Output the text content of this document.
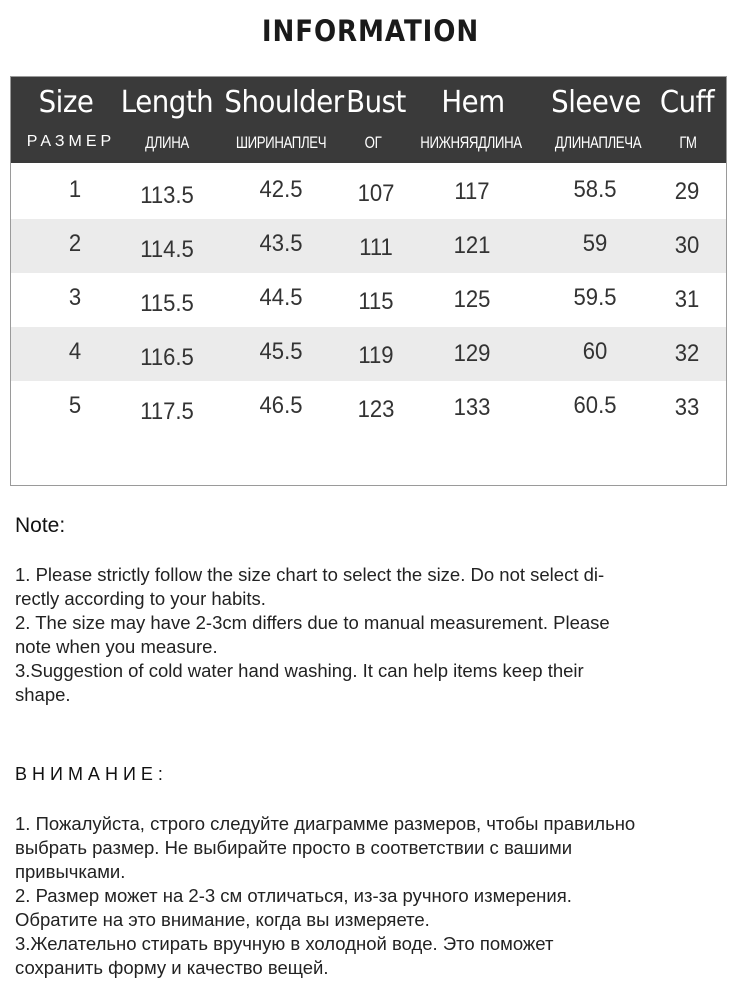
INFORMATION
Size Length Shoulder Bust	Hem	Sleeve Cuff
РАЗМЕР	ДЛИНА	ШИРИНАПЛЕЧ	ОГ	НИЖНЯЯДЛИНА	ДЛИНАПЛЕЧА	ГМ
1	113.5	42.5	107	117	58.5	29
2	114.5	43.5	111	121	59	30
3	115.5	44.5	115	125	59.5	31
4	116.5	45.5	119	129	60	32
5	117.5	46.5	123	133	60.5	33
Note:

1. Please strictly follow the size chart to select the size. Do not select di-

rectly according to your habits.

2. The size may have 2-3cm differs due to manual measurement. Please

note when you measure.

3.Suggestion of cold water hand washing. It can help items keep their

shape.

ВНИМАНИЕ:

1. Пожалуйста, строго следуйте диаграмме размеров, чтобы правильно

выбрать размер. Не выбирайте просто в соответствии с вашими

привычками.

2. Размер может на 2-3 см отличаться, из-за ручного измерения.

Обратите на это внимание, когда вы измеряете.

3.Желательно стирать вручную в холодной воде. Это поможет

сохранить форму и качество вещей.
